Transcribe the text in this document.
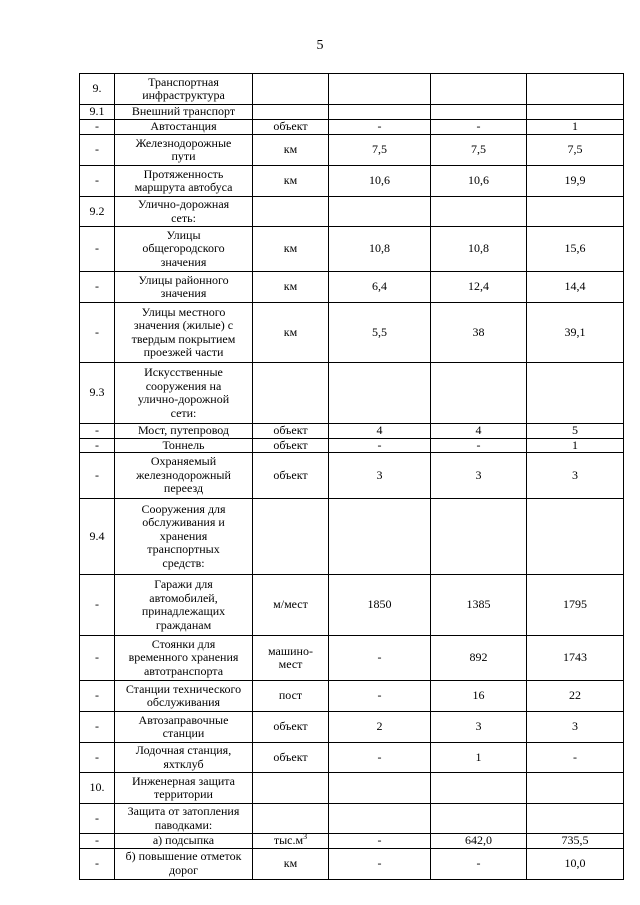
5
9.	Транспортная
инфраструктура				
9.1	Внешний транспорт				
-	Автостанция	объект	-	-	1
-	Железнодорожные
пути	км	7,5	7,5	7,5
-	Протяженность
маршрута автобуса	км	10,6	10,6	19,9
9.2	Улично-дорожная
сеть:				
-	Улицы
общегородского
значения	км	10,8	10,8	15,6
-	Улицы районного
значения	км	6,4	12,4	14,4
-	Улицы местного
значения (жилые) с
твердым покрытием
проезжей части	км	5,5	38	39,1
9.3	Искусственные
сооружения на
улично-дорожной
сети:				
-	Мост, путепровод	объект	4	4	5
-	Тоннель	объект	-	-	1
-	Охраняемый
железнодорожный
переезд	объект	3	3	3
9.4	Сооружения для
обслуживания и
хранения
транспортных
средств:				
-	Гаражи для
автомобилей,
принадлежащих
гражданам	м/мест	1850	1385	1795
-	Стоянки для
временного хранения
автотранспорта	машино-
мест	-	892	1743
-	Станции технического
обслуживания	пост	-	16	22
-	Автозаправочные
станции	объект	2	3	3
-	Лодочная станция,
яхтклуб	объект	-	1	-
10.	Инженерная защита
территории				
-	Защита от затопления
паводками:				
-	а) подсыпка	$тыс.м^3$	-	642,0	735,5
-	б) повышение отметок
дорог	км	-	-	10,0
